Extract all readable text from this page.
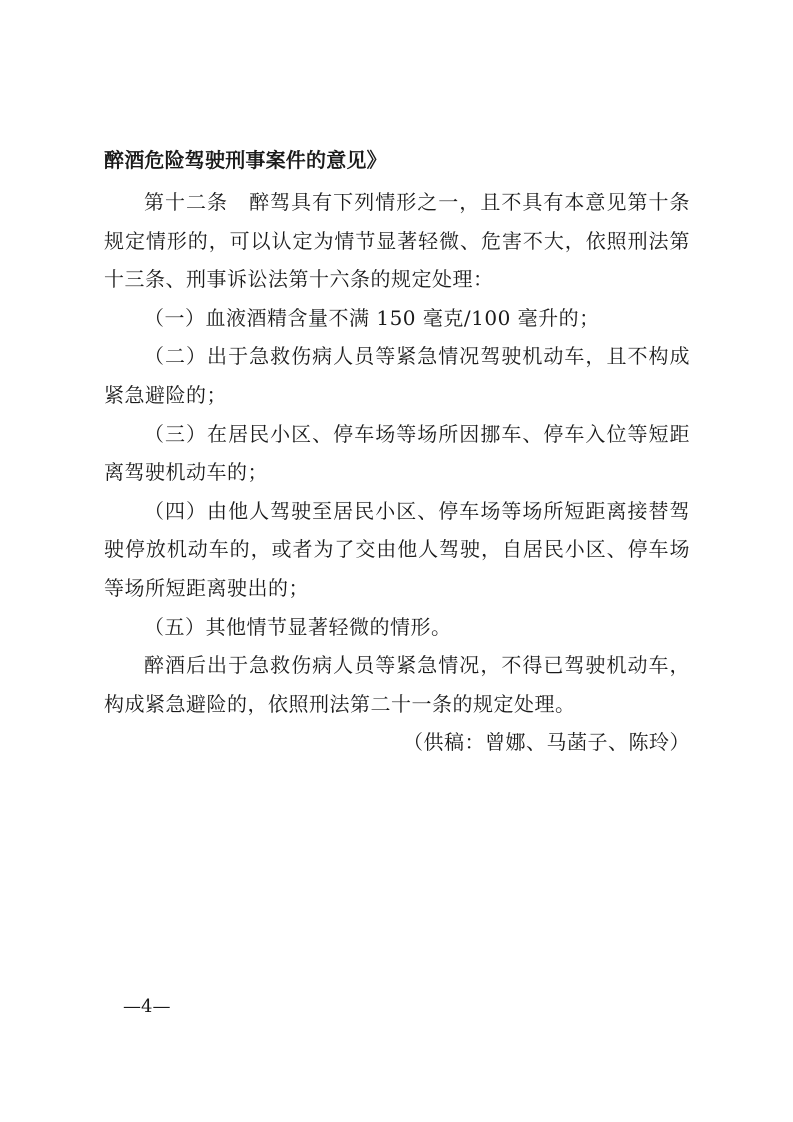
醉酒危险驾驶刑事案件的意见》

第十二条　醉驾具有下列情形之一，且不具有本意见第十条规定情形的，可以认定为情节显著轻微、危害不大，依照刑法第十三条、刑事诉讼法第十六条的规定处理：

（一）血液酒精含量不满 150 毫克/100 毫升的；

（二）出于急救伤病人员等紧急情况驾驶机动车，且不构成紧急避险的；

（三）在居民小区、停车场等场所因挪车、停车入位等短距离驾驶机动车的；

（四）由他人驾驶至居民小区、停车场等场所短距离接替驾驶停放机动车的，或者为了交由他人驾驶，自居民小区、停车场等场所短距离驶出的；

（五）其他情节显著轻微的情形。

醉酒后出于急救伤病人员等紧急情况，不得已驾驶机动车，构成紧急避险的，依照刑法第二十一条的规定处理。

（供稿：曾娜、马菡子、陈玲）

—4—
